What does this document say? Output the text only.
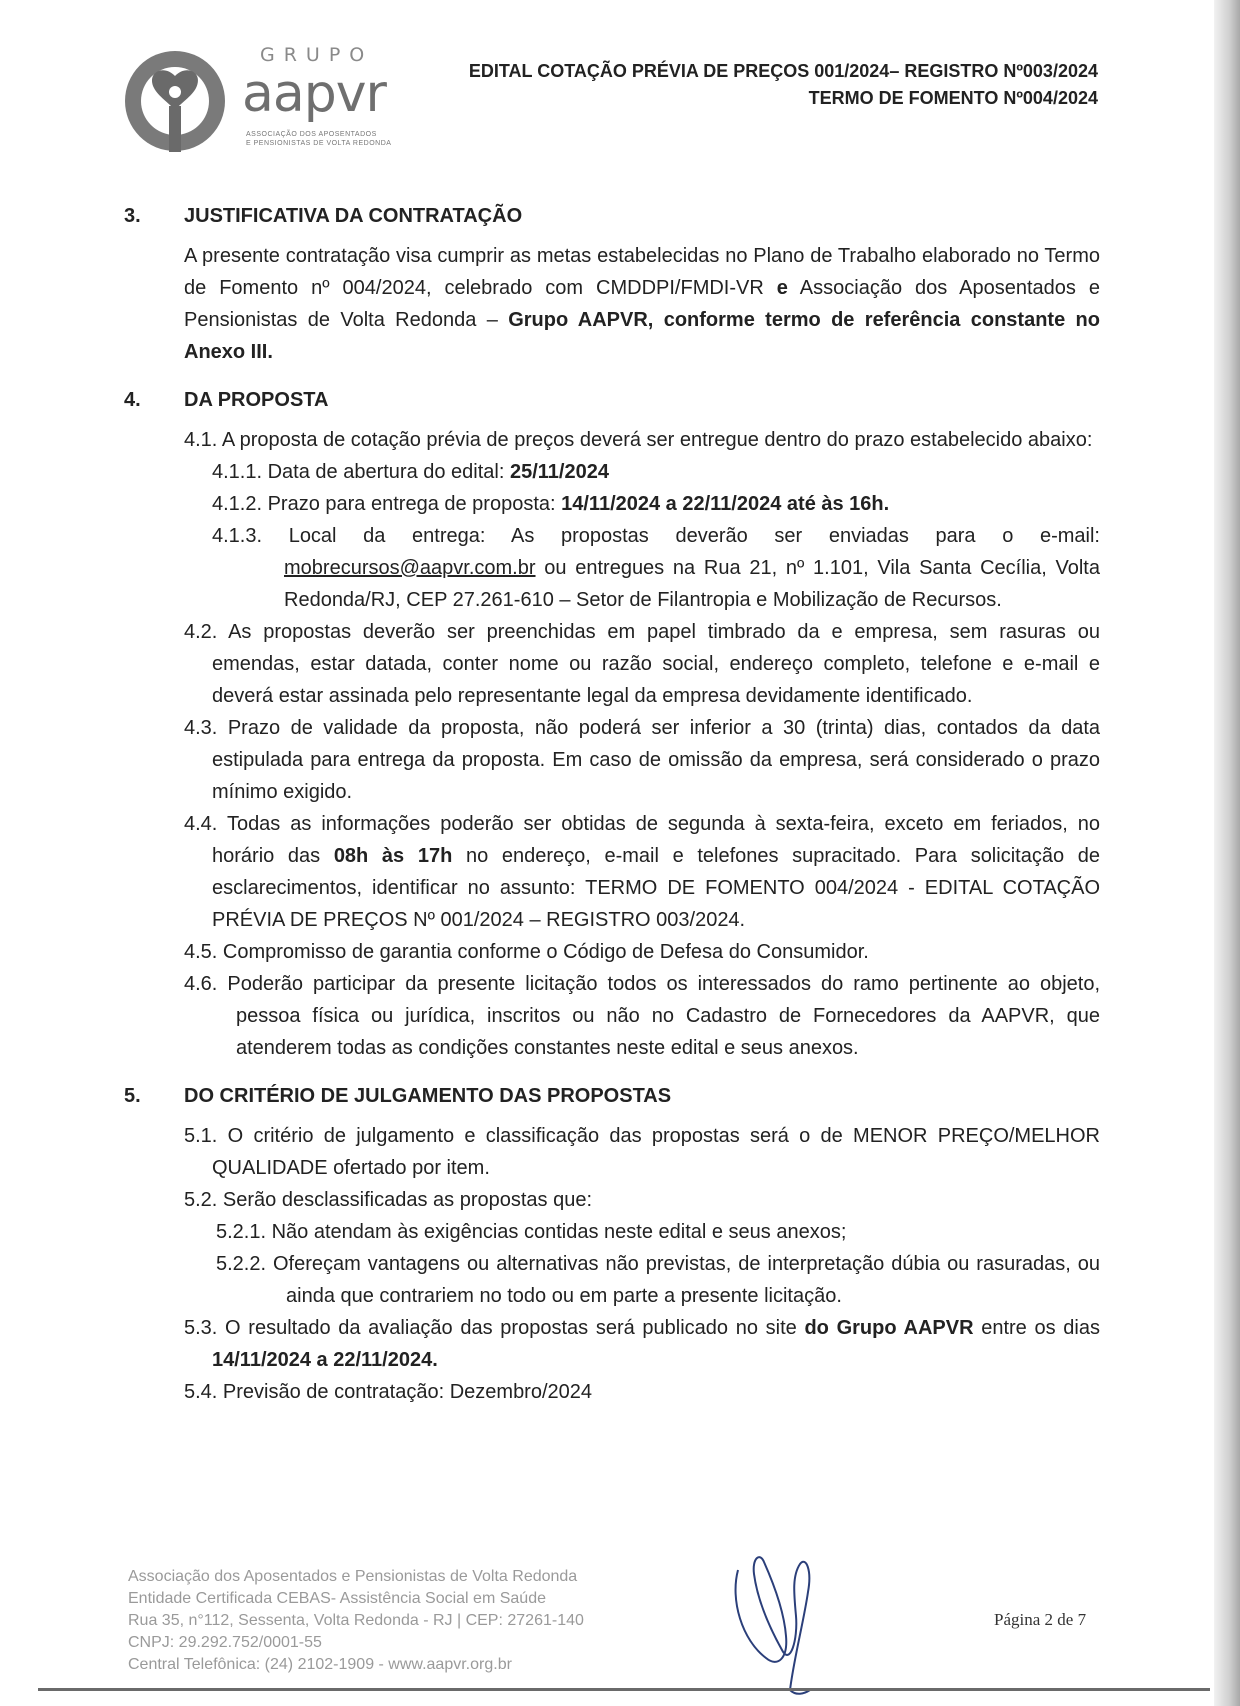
GRUPO
aapvr
ASSOCIAÇÃO DOS APOSENTADOS
E PENSIONISTAS DE VOLTA REDONDA
EDITAL COTAÇÃO PRÉVIA DE PREÇOS 001/2024– REGISTRO Nº003/2024
TERMO DE FOMENTO Nº004/2024
3.	JUSTIFICATIVA DA CONTRATAÇÃO
A presente contratação visa cumprir as metas estabelecidas no Plano de Trabalho elaborado no Termo de Fomento nº 004/2024, celebrado com CMDDPI/FMDI-VR e Associação dos Aposentados e Pensionistas de Volta Redonda – Grupo AAPVR, conforme termo de referência constante no Anexo III.
4.	DA PROPOSTA
4.1. A proposta de cotação prévia de preços deverá ser entregue dentro do prazo estabelecido abaixo:
4.1.1. Data de abertura do edital: 25/11/2024
4.1.2. Prazo para entrega de proposta: 14/11/2024 a 22/11/2024 até às 16h.
4.1.3. Local da entrega: As propostas deverão ser enviadas para o e-mail: mobrecursos@aapvr.com.br ou entregues na Rua 21, nº 1.101, Vila Santa Cecília, Volta Redonda/RJ, CEP 27.261-610 – Setor de Filantropia e Mobilização de Recursos.
4.2. As propostas deverão ser preenchidas em papel timbrado da e empresa, sem rasuras ou emendas, estar datada, conter nome ou razão social, endereço completo, telefone e e-mail e deverá estar assinada pelo representante legal da empresa devidamente identificado.
4.3. Prazo de validade da proposta, não poderá ser inferior a 30 (trinta) dias, contados da data estipulada para entrega da proposta. Em caso de omissão da empresa, será considerado o prazo mínimo exigido.
4.4. Todas as informações poderão ser obtidas de segunda à sexta-feira, exceto em feriados, no horário das 08h às 17h no endereço, e-mail e telefones supracitado. Para solicitação de esclarecimentos, identificar no assunto: TERMO DE FOMENTO 004/2024 - EDITAL COTAÇÃO PRÉVIA DE PREÇOS Nº 001/2024 – REGISTRO 003/2024.
4.5. Compromisso de garantia conforme o Código de Defesa do Consumidor.
4.6. Poderão participar da presente licitação todos os interessados do ramo pertinente ao objeto, pessoa física ou jurídica, inscritos ou não no Cadastro de Fornecedores da AAPVR, que atenderem todas as condições constantes neste edital e seus anexos.
5.	DO CRITÉRIO DE JULGAMENTO DAS PROPOSTAS
5.1. O critério de julgamento e classificação das propostas será o de MENOR PREÇO/MELHOR QUALIDADE ofertado por item.
5.2. Serão desclassificadas as propostas que:
5.2.1. Não atendam às exigências contidas neste edital e seus anexos;
5.2.2. Ofereçam vantagens ou alternativas não previstas, de interpretação dúbia ou rasuradas, ou ainda que contrariem no todo ou em parte a presente licitação.
5.3. O resultado da avaliação das propostas será publicado no site do Grupo AAPVR entre os dias 14/11/2024 a 22/11/2024.
5.4. Previsão de contratação: Dezembro/2024
Associação dos Aposentados e Pensionistas de Volta Redonda
Entidade Certificada CEBAS- Assistência Social em Saúde
Rua 35, n°112, Sessenta, Volta Redonda - RJ | CEP: 27261-140
CNPJ: 29.292.752/0001-55
Central Telefônica: (24) 2102-1909 - www.aapvr.org.br
Página 2 de 7
